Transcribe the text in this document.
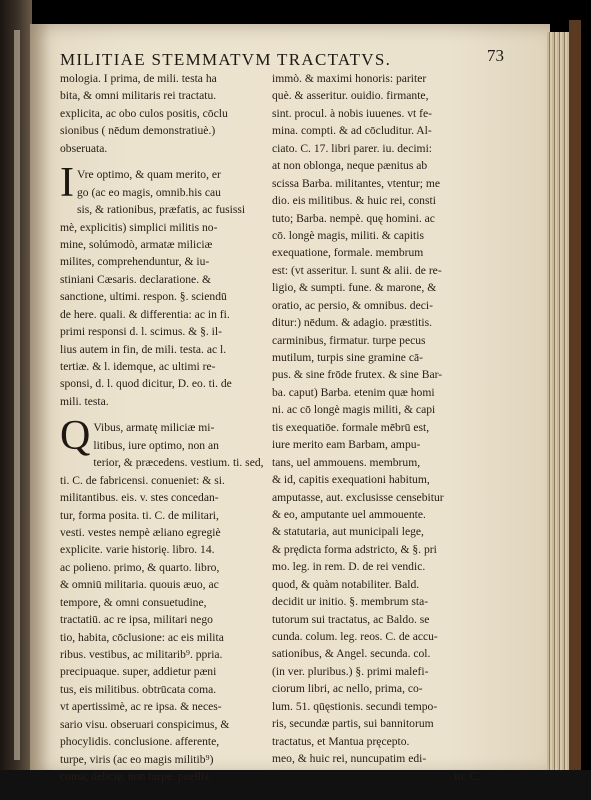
MILITIAE STEMMATVM TRACTATVS.	73
mologia. I prima, de mili. testa ha
bita, & omni militaris rei tractatu.
explicita, ac obo culos positis, cōclu
sionibus ( nēdum demonstratiuè.)
obseruata.
I Vre optimo, & quam merito, er
go (ac eo magis, omnib.his cau
sis, & rationibus, præfatis, ac fusissi
mè, explicitis) simplici militis no-
mine, solúmodò, armatæ miliciæ
milites, comprehenduntur, & iu-
stiniani Cæsaris. declaratione. &
sanctione, ultimi. respon. §. sciendū
de here. quali. & differentia: ac in fi.
primi responsi d. l. scimus. & §. il-
lius autem in fin, de mili. testa. ac l.
tertiæ. & l. idemque, ac ultimi re-
sponsi, d. l. quod dicitur, D. eo. ti. de
mili. testa.
Q Vibus, armatę miliciæ mi-
litibus, iure optimo, non an
terior, & præcedens. vestium. ti. sed,
ti. C. de fabricensi. conueniet: & si.
militantibus. eis. v. stes concedan-
tur, forma posita. ti. C. de militari,
vesti. vestes nempè æliano egregiè
explicite. varie historię. libro. 14.
ac polieno. primo, & quarto. libro,
& omniū militaria. quouis æuo, ac
tempore, & omni consuetudine,
tractatiū. ac re ipsa, militari nego
tio, habita, cōclusione: ac eis milita
ribus. vestibus, ac militarib⁹. ppria.
precipuaque. super, addietur pæni
tus, eis militibus. obtrūcata coma.
vt apertissimè, ac re ipsa. & neces-
sario visu. obseruari conspicimus, &
phocylidis. conclusione. afferente,
turpe, viris (ac eo magis militib⁹)
coma; delicię, non turpe. puellis.
immò. & maximi honoris: pariter
què. & asseritur. ouidio. firmante,
sint. procul. à nobis iuuenes. vt fe-
mina. compti. & ad cōcluditur. Al-
ciato. C. 17. libri parer. iu. decimi:
at non oblonga, neque pænitus ab
scissa Barba. militantes, vtentur; me
dio. eis militibus. & huic rei, consti
tuto; Barba. nempè. quę homini. ac
cō. longè magis, militi. & capitis
exequatione, formale. membrum
est: (vt asseritur. l. sunt & alii. de re-
ligio, & sumpti. fune. & marone, &
oratio, ac persio, & omnibus. deci-
ditur:) nēdum. & adagio. præstitis.
carminibus, firmatur. turpe pecus
mutilum, turpis sine gramine cā-
pus. & sine frōde frutex. & sine Bar-
ba. caput) Barba. etenim quæ homi
ni. ac cō longè magis militi, & capi
tis exequatiōe. formale mēbrū est,
iure merito eam Barbam, ampu-
tans, uel ammouens. membrum,
& id, capitis exequationi habitum,
amputasse, aut. exclusisse censebitur
& eo, amputante uel ammouente.
& statutaria, aut municipali lege,
& prędicta forma adstricto, & §. pri
mo. leg. in rem. D. de rei vendic.
quod, & quàm notabiliter. Bald.
decidit ur initio. §. membrum sta-
tutorum sui tractatus, ac Baldo. se
cunda. colum. leg. reos. C. de accu-
sationibus, & Angel. secunda. col.
(in ver. pluribus.) §. primi malefi-
ciorum libri, ac nello, prima, co-
lum. 51. qūęstionis. secundi tempo-
ris, secundæ partis, sui bannitorum
tractatus, et Mantua pręcepto.
meo, & huic rei, nuncupatim edi-
to. C.
